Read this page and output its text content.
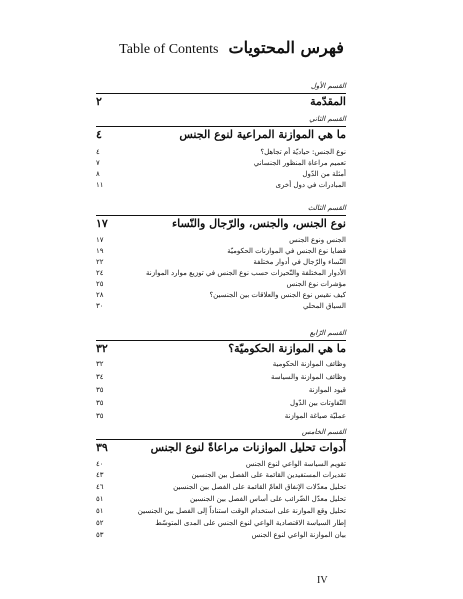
Table of Contents فهرس المحتويات
القسم الأول
٢	المقدّمة
القسم الثاني
٤	ما هي الموازنة المراعية لنوع الجنس
٤	نوع الجنس: حياديّة أم تجاهل؟
٧	تعميم مراعاة المنظور الجنساني
٨	أمثلة من الدّول
١١	المبادرات في دول أخرى
القسم الثالث
١٧	نوع الجنس، والجنس، والرّجال والنّساء
١٧	الجنس ونوع الجنس
١٩	قضايا نوع الجنس في الموازنات الحكوميّة
٢٢	النّساء والرّجال في أدوار مختلفة
٢٤	الأدوار المختلفة والتّحيزات حسب نوع الجنس في توزيع موارد الموازنة
٢٥	مؤشرات نوع الجنس
٢٨	كيف نقيس نوع الجنس والعلاقات بين الجنسين؟
٣٠	السياق المحلي
القسم الرّابع
٣٢	ما هي الموازنة الحكوميّة؟
٣٢	وظائف الموازنة الحكومية
٣٤	وظائف الموازنة والسياسة
٣٥	قيود الموازنة
٣٥	التّفاوتات بين الدّول
٣٥	عمليّة صياغة الموازنة
القسم الخامس
٣٩	أدوات تحليل الموازنات مراعاةً لنوع الجنس
٤٠	تقويم السياسة الواعي لنوع الجنس
٤٣	تقديرات المستفيدين القائمة على الفصل بين الجنسين
٤٦	تحليل معدّلات الإنفاق العامّ القائمة على الفصل بين الجنسين
٥١	تحليل معدّل الضّرائب على أساس الفصل بين الجنسين
٥١	تحليل وقع الموازنة على استخدام الوقت استناداً إلى الفصل بين الجنسين
٥٢	إطار السياسة الاقتصادية الواعي لنوع الجنس على المدى المتوسّط
٥٣	بيان الموازنة الواعي لنوع الجنس
IV
